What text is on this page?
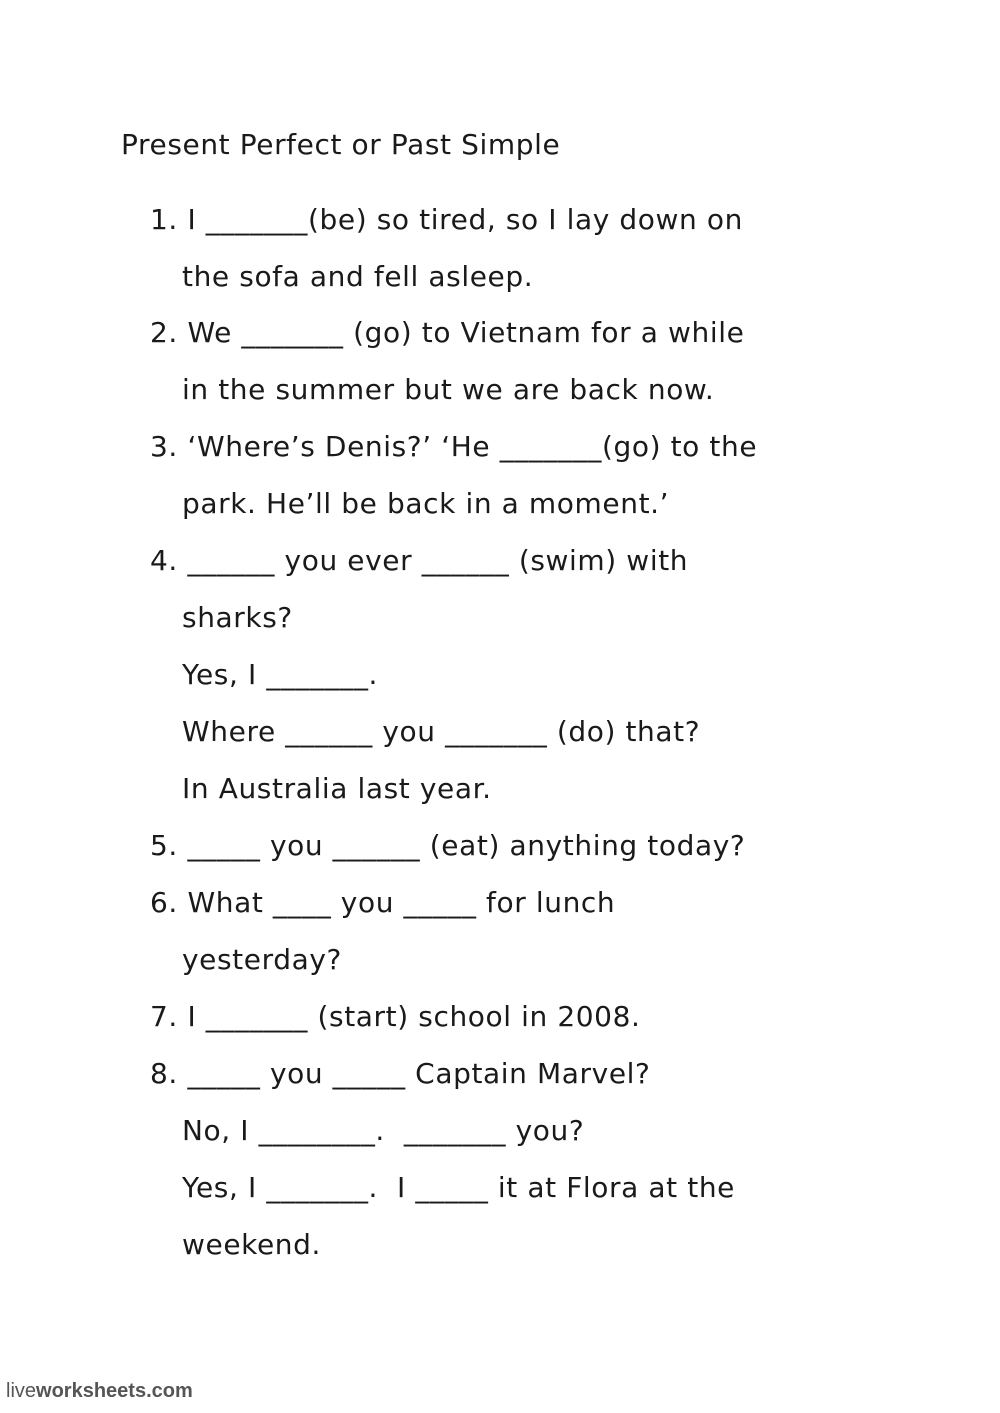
Present Perfect or Past Simple
1. I _______(be) so tired, so I lay down on
the sofa and fell asleep.
2. We _______ (go) to Vietnam for a while
in the summer but we are back now.
3. ‘Where’s Denis?’ ‘He _______(go) to the
park. He’ll be back in a moment.’
4. ______ you ever ______ (swim) with
sharks?
Yes, I _______.
Where ______ you _______ (do) that?
In Australia last year.
5. _____ you ______ (eat) anything today?
6. What ____ you _____ for lunch
yesterday?
7. I _______ (start) school in 2008.
8. _____ you _____ Captain Marvel?
No, I ________.  _______ you?
Yes, I _______.  I _____ it at Flora at the
weekend.
liveworksheets.com
